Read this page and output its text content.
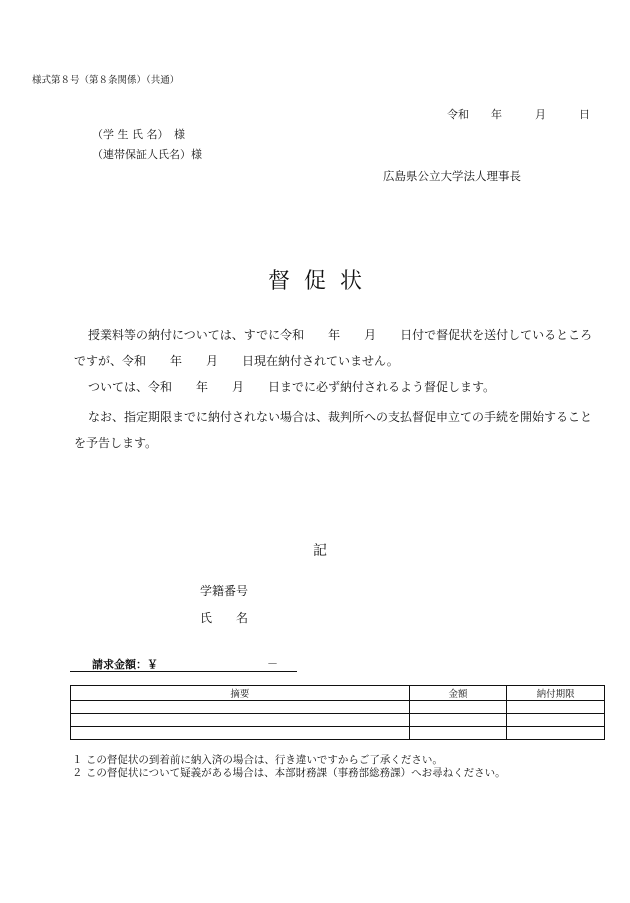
様式第８号（第８条関係）（共通）
令和　　年　　　月　　　日
（学 生 氏 名）　様
（連帯保証人氏名）様
広島県公立大学法人理事長
督促状

授業料等の納付については、すでに令和　　年　　月　　日付で督促状を送付しているところですが、令和　　年　　月　　日現在納付されていません。

ついては、令和　　年　　月　　日までに必ず納付されるよう督促します。

なお、指定期限までに納付されない場合は、裁判所への支払督促申立ての手続を開始することを予告します。

記
学籍番号
氏　　名
請求金額：￥	－
摘要	金額	納付期限

１ この督促状の到着前に納入済の場合は、行き違いですからご了承ください。
２ この督促状について疑義がある場合は、本部財務課（事務部総務課）へお尋ねください。
